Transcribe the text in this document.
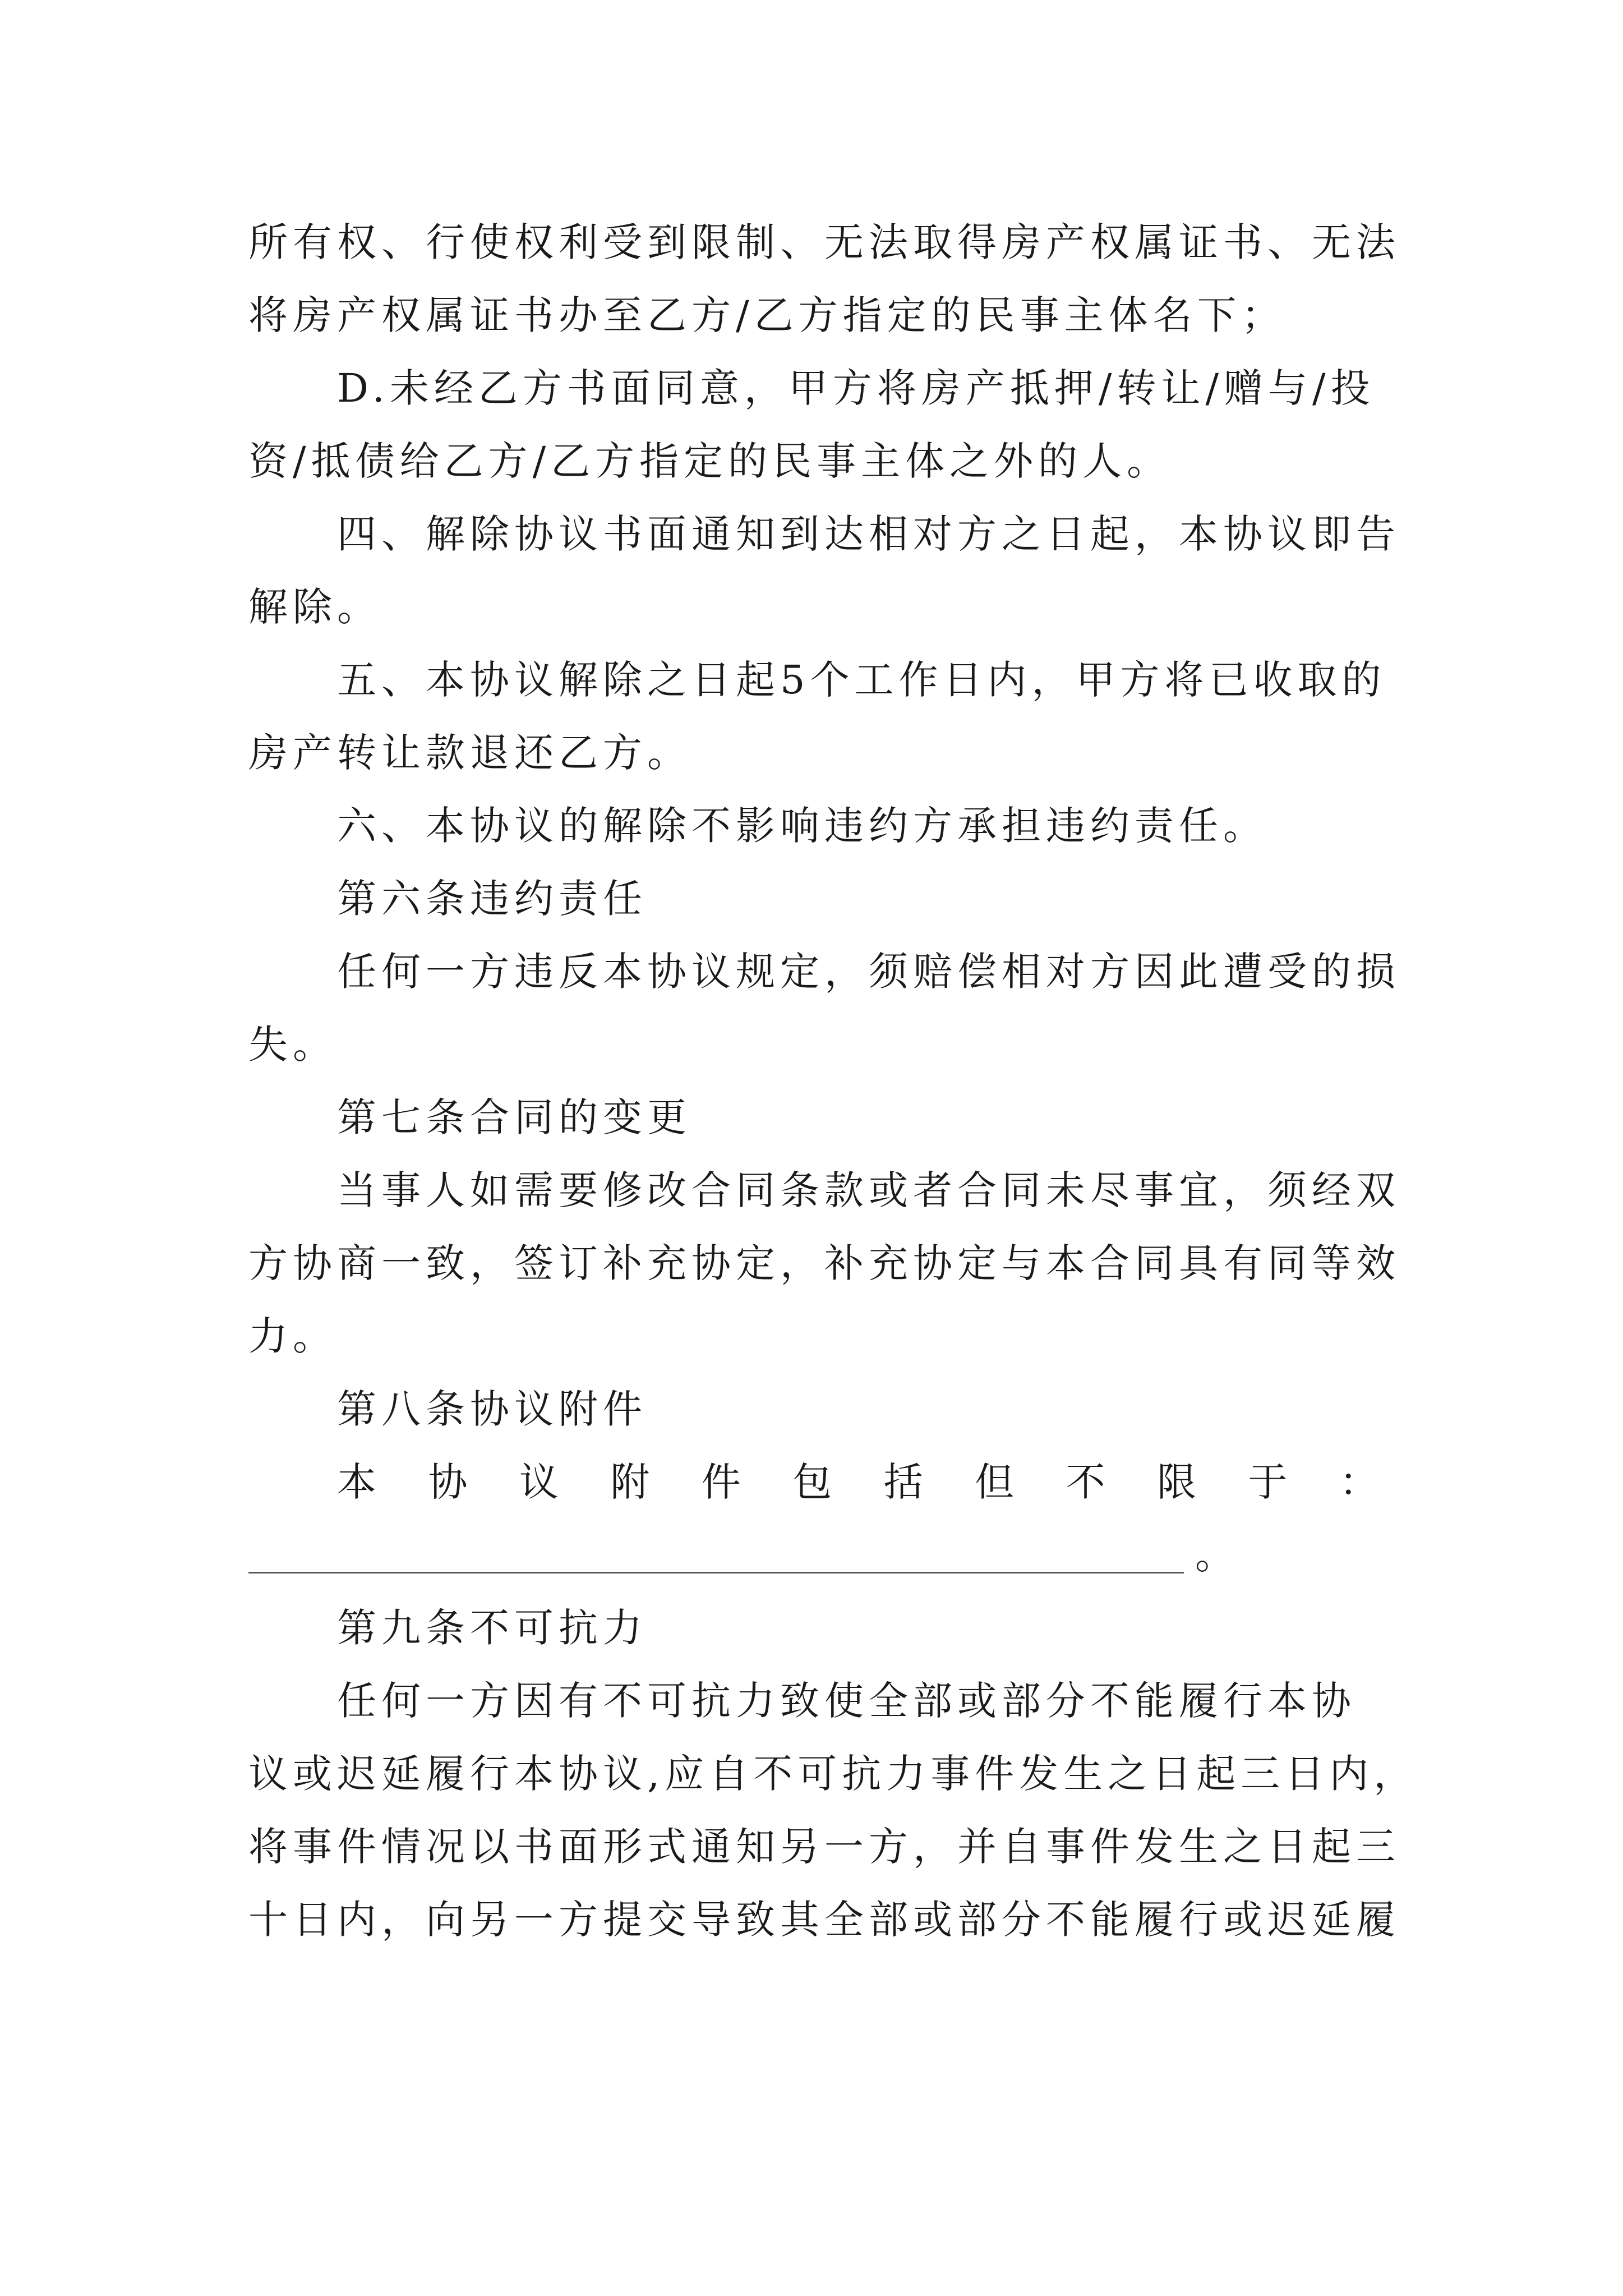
所有权、行使权利受到限制、无法取得房产权属证书、无法
将房产权属证书办至乙方/乙方指定的民事主体名下；
D.未经乙方书面同意，甲方将房产抵押/转让/赠与/投
资/抵债给乙方/乙方指定的民事主体之外的人。
四、解除协议书面通知到达相对方之日起，本协议即告
解除。
五、本协议解除之日起5个工作日内，甲方将已收取的
房产转让款退还乙方。
六、本协议的解除不影响违约方承担违约责任。
第六条违约责任
任何一方违反本协议规定，须赔偿相对方因此遭受的损
失。
第七条合同的变更
当事人如需要修改合同条款或者合同未尽事宜，须经双
方协商一致，签订补充协定，补充协定与本合同具有同等效
力。
第八条协议附件
本协议附件包括但不限于：
。
第九条不可抗力
任何一方因有不可抗力致使全部或部分不能履行本协
议或迟延履行本协议,应自不可抗力事件发生之日起三日内，
将事件情况以书面形式通知另一方，并自事件发生之日起三
十日内，向另一方提交导致其全部或部分不能履行或迟延履
